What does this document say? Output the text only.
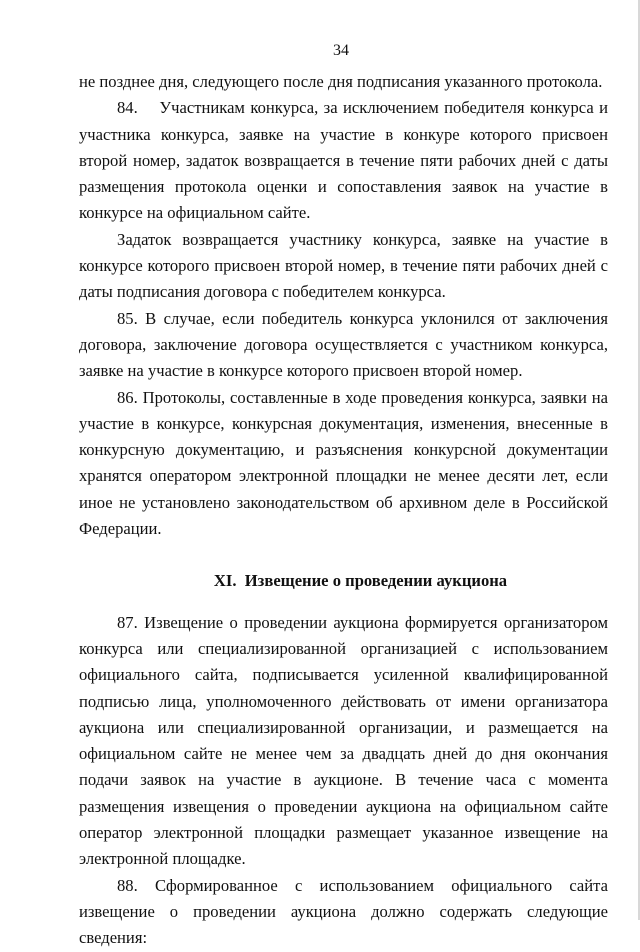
34

не позднее дня, следующего после дня подписания указанного протокола.

84.    Участникам конкурса, за исключением победителя конкурса и участника конкурса, заявке на участие в конкуре которого присвоен второй номер, задаток возвращается в течение пяти рабочих дней с даты размещения протокола оценки и сопоставления заявок на участие в конкурсе на официальном сайте.

Задаток возвращается участнику конкурса, заявке на участие в конкурсе которого присвоен второй номер, в течение пяти рабочих дней с даты подписания договора с победителем конкурса.

85. В случае, если победитель конкурса уклонился от заключения договора, заключение договора осуществляется с участником конкурса, заявке на участие в конкурсе которого присвоен второй номер.

86. Протоколы, составленные в ходе проведения конкурса, заявки на участие в конкурсе, конкурсная документация, изменения, внесенные в конкурсную документацию, и разъяснения конкурсной документации хранятся оператором электронной площадки не менее десяти лет, если иное не установлено законодательством об архивном деле в Российской Федерации.

XI.  Извещение о проведении аукциона

87. Извещение о проведении аукциона формируется организатором конкурса или специализированной организацией с использованием официального сайта, подписывается усиленной квалифицированной подписью лица, уполномоченного действовать от имени организатора аукциона или специализированной организации, и размещается на официальном сайте не менее чем за двадцать дней до дня окончания подачи заявок на участие в аукционе. В течение часа с момента размещения извещения о проведении аукциона на официальном сайте оператор электронной площадки размещает указанное извещение на электронной площадке.

88. Сформированное с использованием официального сайта извещение о проведении аукциона должно содержать следующие сведения:
